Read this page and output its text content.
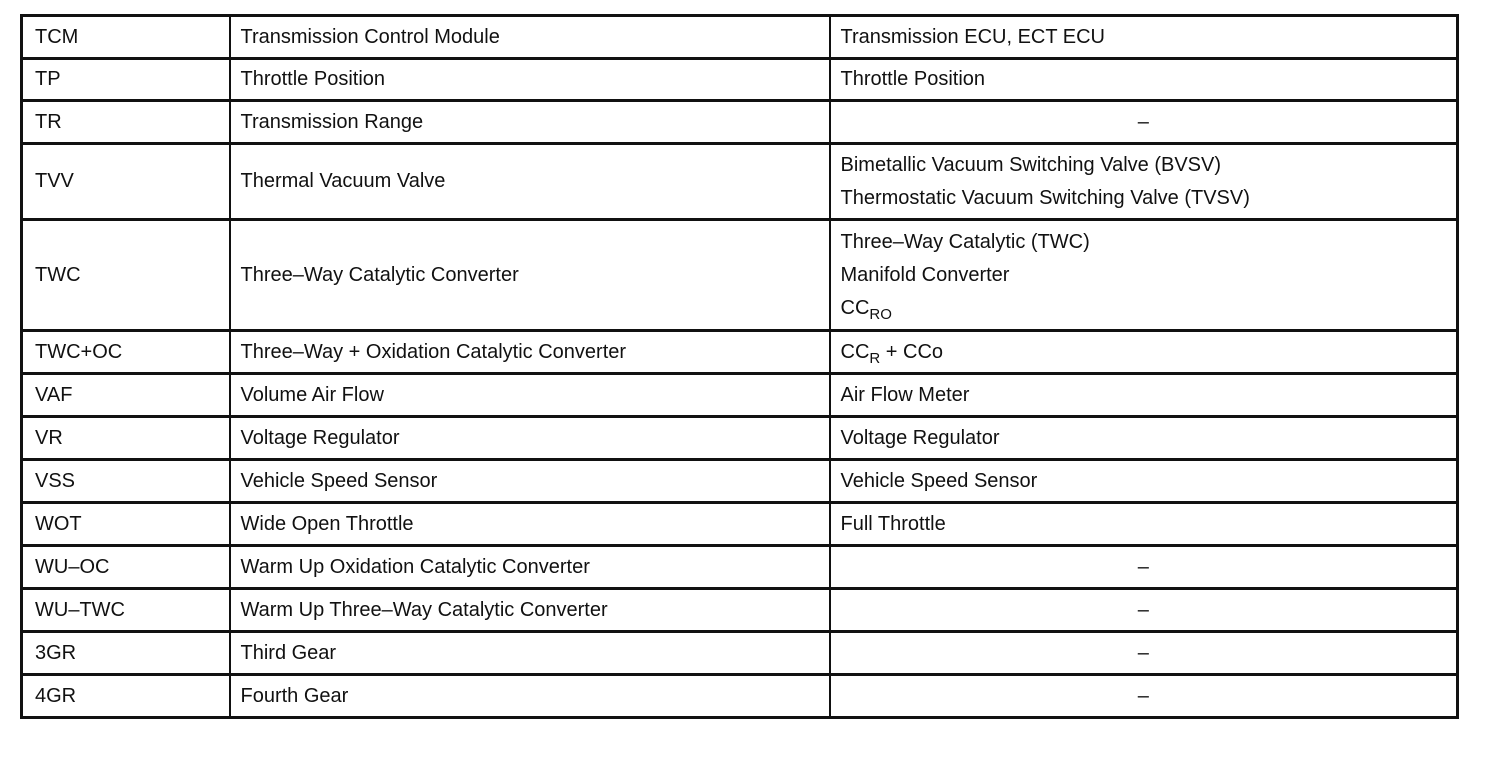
TCM	Transmission Control Module	Transmission ECU, ECT ECU

TP	Throttle Position	Throttle Position

TR	Transmission Range	–

TVV	Thermal Vacuum Valve	Bimetallic Vacuum Switching Valve (BVSV)
Thermostatic Vacuum Switching Valve (TVSV)

TWC	Three–Way Catalytic Converter	Three–Way Catalytic (TWC)
Manifold Converter
$CC_{RO}$

TWC+OC	Three–Way + Oxidation Catalytic Converter	$CC_R$ + CCo

VAF	Volume Air Flow	Air Flow Meter

VR	Voltage Regulator	Voltage Regulator

VSS	Vehicle Speed Sensor	Vehicle Speed Sensor

WOT	Wide Open Throttle	Full Throttle

WU–OC	Warm Up Oxidation Catalytic Converter	–

WU–TWC	Warm Up Three–Way Catalytic Converter	–

3GR	Third Gear	–

4GR	Fourth Gear	–
